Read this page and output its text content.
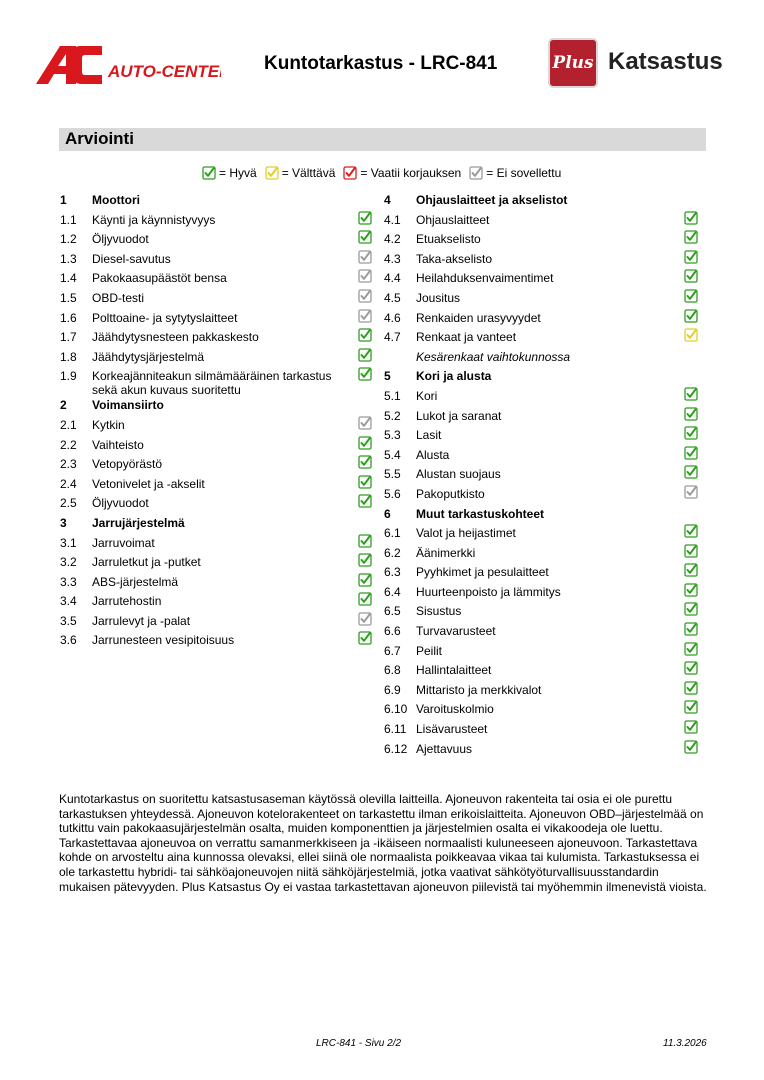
AUTO-CENTER Kuntotarkastus - LRC-841	Plus Katsastus
Arviointi
= Hyvä = Välttävä = Vaatii korjauksen = Ei sovellettu
1 Moottori
1.1 Käynti ja käynnistyvyys
1.2 Öljyvuodot
1.3 Diesel-savutus
1.4 Pakokaasupäästöt bensa
1.5 OBD-testi
1.6 Polttoaine- ja sytytyslaitteet
1.7 Jäähdytysnesteen pakkaskesto
1.8 Jäähdytysjärjestelmä
1.9 Korkeajänniteakun silmämääräinen tarkastus sekä akun kuvaus suoritettu
2 Voimansiirto
2.1 Kytkin
2.2 Vaihteisto
2.3 Vetopyörästö
2.4 Vetonivelet ja -akselit
2.5 Öljyvuodot
3 Jarrujärjestelmä
3.1 Jarruvoimat
3.2 Jarruletkut ja -putket
3.3 ABS-järjestelmä
3.4 Jarrutehostin
3.5 Jarrulevyt ja -palat
3.6 Jarrunesteen vesipitoisuus
4 Ohjauslaitteet ja akselistot
4.1 Ohjauslaitteet
4.2 Etuakselisto
4.3 Taka-akselisto
4.4 Heilahduksenvaimentimet
4.5 Jousitus
4.6 Renkaiden urasyvyydet
4.7 Renkaat ja vanteet
Kesärenkaat vaihtokunnossa
5 Kori ja alusta
5.1 Kori
5.2 Lukot ja saranat
5.3 Lasit
5.4 Alusta
5.5 Alustan suojaus
5.6 Pakoputkisto
6 Muut tarkastuskohteet
6.1 Valot ja heijastimet
6.2 Äänimerkki
6.3 Pyyhkimet ja pesulaitteet
6.4 Huurteenpoisto ja lämmitys
6.5 Sisustus
6.6 Turvavarusteet
6.7 Peilit
6.8 Hallintalaitteet
6.9 Mittaristo ja merkkivalot
6.10 Varoituskolmio
6.11 Lisävarusteet
6.12 Ajettavuus
Kuntotarkastus on suoritettu katsastusaseman käytössä olevilla laitteilla. Ajoneuvon rakenteita tai osia ei ole purettu tarkastuksen yhteydessä. Ajoneuvon kotelorakenteet on tarkastettu ilman erikoislaitteita. Ajoneuvon OBD–järjestelmää on tutkittu vain pakokaasujärjestelmän osalta, muiden komponenttien ja järjestelmien osalta ei vikakoodeja ole luettu. Tarkastettavaa ajoneuvoa on verrattu samanmerkkiseen ja -ikäiseen normaalisti kuluneeseen ajoneuvoon. Tarkastettava kohde on arvosteltu aina kunnossa olevaksi, ellei siinä ole normaalista poikkeavaa vikaa tai kulumista. Tarkastuksessa ei ole tarkastettu hybridi- tai sähköajoneuvojen niitä sähköjärjestelmiä, jotka vaativat sähkötyöturvallisuusstandardin mukaisen pätevyyden. Plus Katsastus Oy ei vastaa tarkastettavan ajoneuvon piilevistä tai myöhemmin ilmenevistä vioista.
LRC-841 - Sivu 2/2	11.3.2026
